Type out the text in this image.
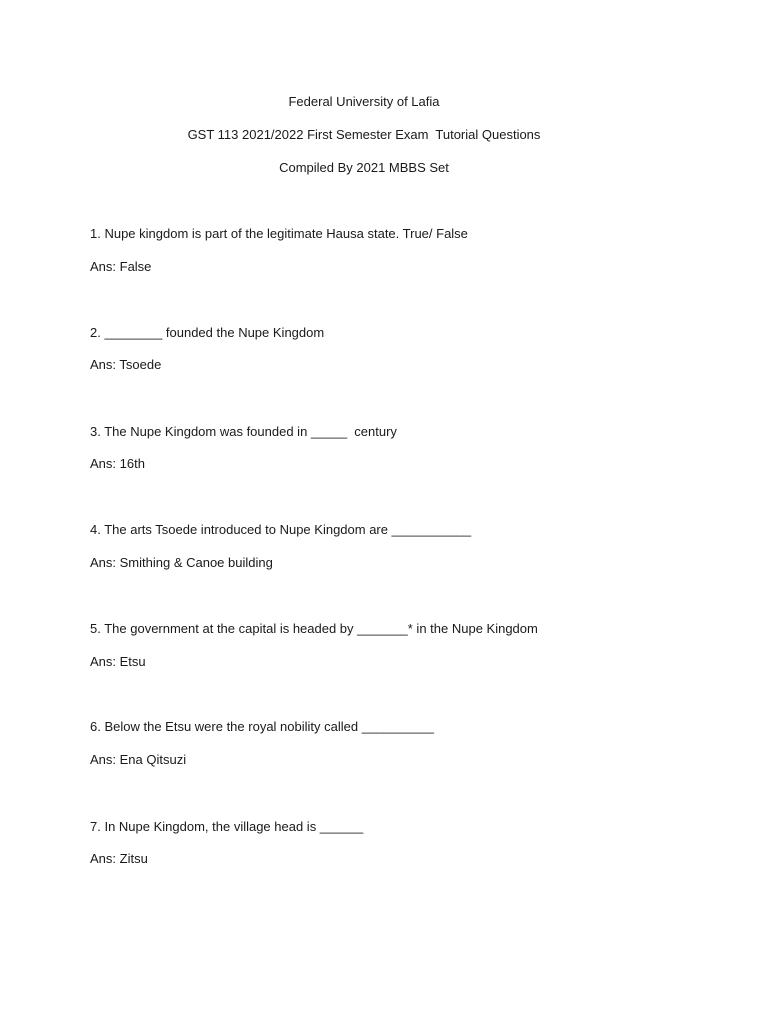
Federal University of Lafia
GST 113 2021/2022 First Semester Exam  Tutorial Questions
Compiled By 2021 MBBS Set
1. Nupe kingdom is part of the legitimate Hausa state. True/ False
Ans: False
2. ________ founded the Nupe Kingdom
Ans: Tsoede
3. The Nupe Kingdom was founded in _____  century
Ans: 16th
4. The arts Tsoede introduced to Nupe Kingdom are ___________
Ans: Smithing & Canoe building
5. The government at the capital is headed by _______* in the Nupe Kingdom
Ans: Etsu
6. Below the Etsu were the royal nobility called __________
Ans: Ena Qitsuzi
7. In Nupe Kingdom, the village head is ______
Ans: Zitsu
